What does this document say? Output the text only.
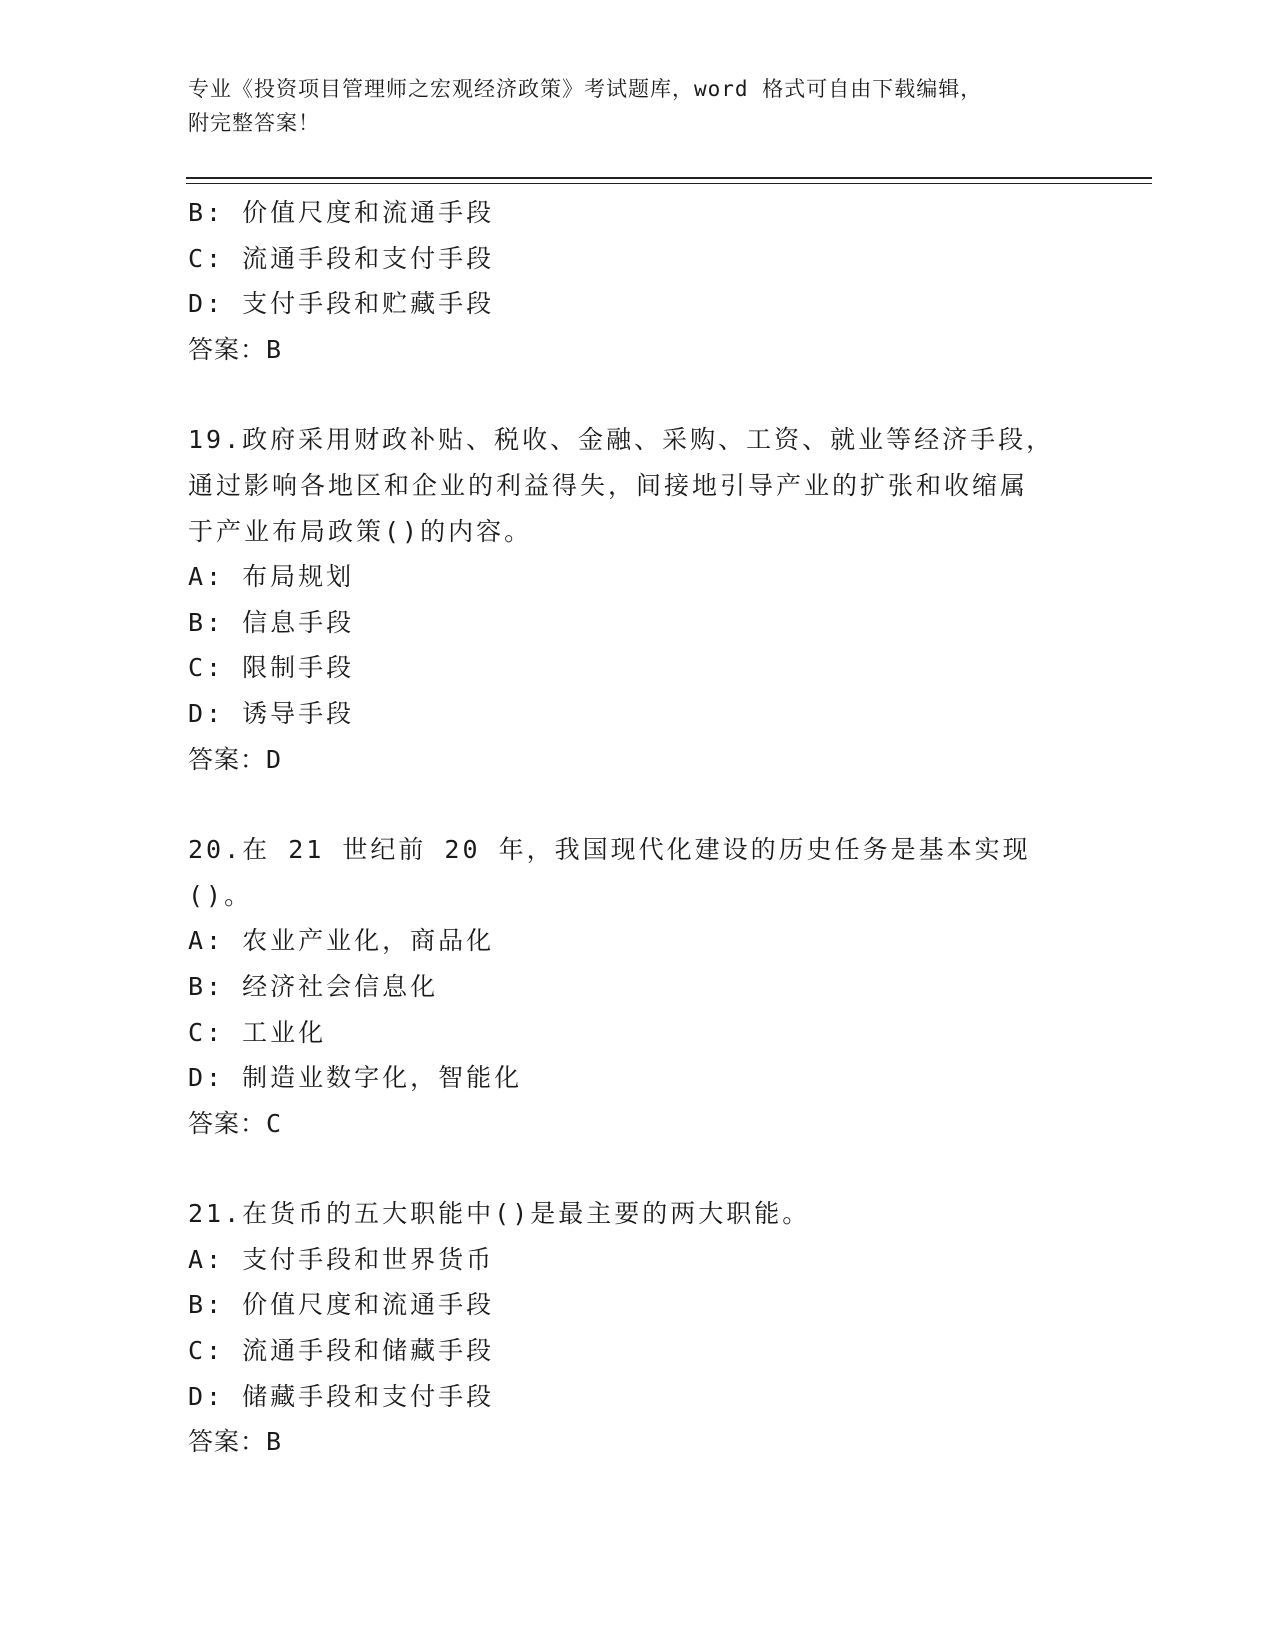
专业《投资项目管理师之宏观经济政策》考试题库，word 格式可自由下载编辑，
附完整答案！
B: 价值尺度和流通手段
C: 流通手段和支付手段
D: 支付手段和贮藏手段
答案：B
19.政府采用财政补贴、税收、金融、采购、工资、就业等经济手段，
通过影响各地区和企业的利益得失，间接地引导产业的扩张和收缩属
于产业布局政策()的内容。
A: 布局规划
B: 信息手段
C: 限制手段
D: 诱导手段
答案：D
20.在 21 世纪前 20 年，我国现代化建设的历史任务是基本实现()。
A: 农业产业化，商品化
B: 经济社会信息化
C: 工业化
D: 制造业数字化，智能化
答案：C
21.在货币的五大职能中()是最主要的两大职能。
A: 支付手段和世界货币
B: 价值尺度和流通手段
C: 流通手段和储藏手段
D: 储藏手段和支付手段
答案：B
